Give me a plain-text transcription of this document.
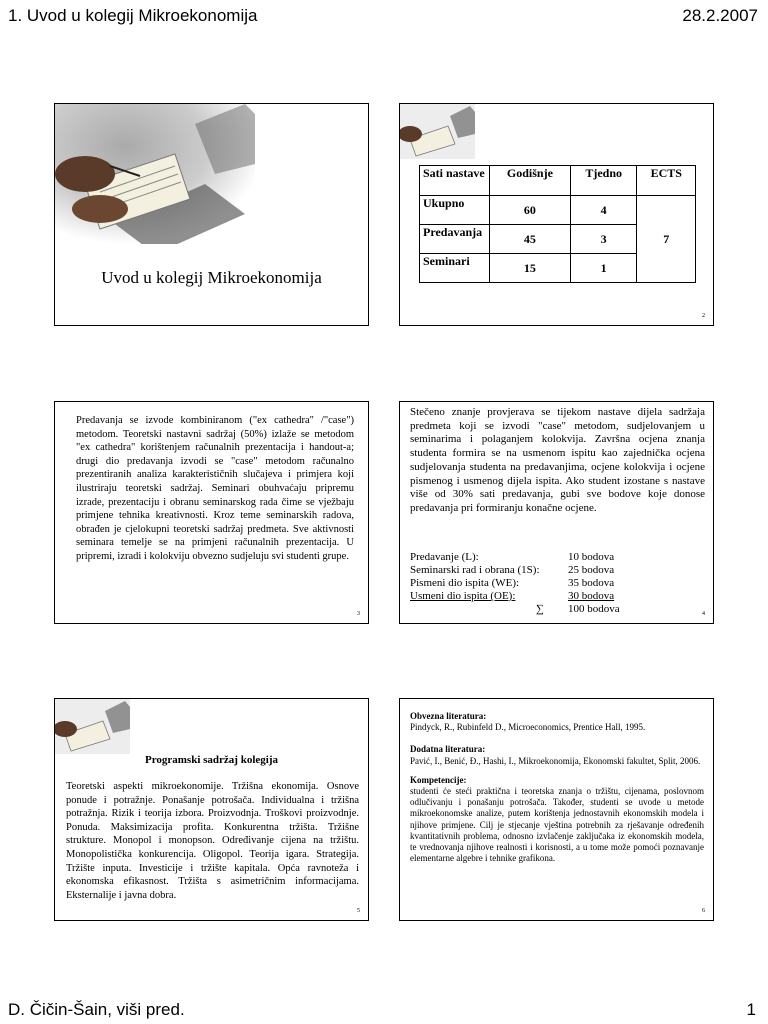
1. Uvod u kolegij Mikroekonomija	28.2.2007
Uvod u kolegij Mikroekonomija
Sati nastave	Godišnje	Tjedno	ECTS
Ukupno	60	4	7
Predavanja	45	3	
Seminari	15	1	
2
Predavanja se izvode kombiniranom ("ex cathedra" /"case") metodom. Teoretski nastavni sadržaj (50%) izlaže se metodom "ex cathedra" korištenjem računalnih prezentacija i handout-a; drugi dio predavanja izvodi se "case" metodom računalno prezentiranih analiza karakterističnih slučajeva i primjera koji ilustriraju teoretski sadržaj. Seminari obuhvaćaju pripremu izrade, prezentaciju i obranu seminarskog rada čime se vježbaju primjene tehnika kreativnosti. Kroz teme seminarskih radova, obrađen je cjelokupni teoretski sadržaj predmeta. Sve aktivnosti seminara temelje se na primjeni računalnih prezentacija. U pripremi, izradi i kolokviju obvezno sudjeluju svi studenti grupe.
3
Stečeno znanje provjerava se tijekom nastave dijela sadržaja predmeta koji se izvodi "case" metodom, sudjelovanjem u seminarima i polaganjem kolokvija. Završna ocjena znanja studenta formira se na usmenom ispitu kao zajednička ocjena sudjelovanja studenta na predavanjima, ocjene kolokvija i ocjene pismenog i usmenog dijela ispita. Ako student izostane s nastave više od 30% sati predavanja, gubi sve bodove koje donose predavanja pri formiranju konačne ocjene.
Predavanje (L):	10 bodova
Seminarski rad i obrana (1S):	25 bodova
Pismeni dio ispita (WE):	35 bodova
Usmeni dio ispita (OE):	30 bodova
∑	100 bodova	4
Programski sadržaj kolegija
Teoretski aspekti mikroekonomije. Tržišna ekonomija. Osnove ponude i potražnje. Ponašanje potrošača. Individualna i tržišna potražnja. Rizik i teorija izbora. Proizvodnja. Troškovi proizvodnje. Ponuda. Maksimizacija profita. Konkurentna tržišta. Tržišne strukture. Monopol i monopson. Određivanje cijena na tržištu. Monopolistička konkurencija. Oligopol. Teorija igara. Strategija. Tržište inputa. Investicije i tržište kapitala. Opća ravnoteža i ekonomska efikasnost. Tržišta s asimetričnim informacijama. Eksternalije i javna dobra.
5
Obvezna literatura:
Pindyck, R., Rubinfeld D., Microeconomics, Prentice Hall, 1995.
Dodatna literatura:
Pavić, I., Benić, Đ., Hashi, I., Mikroekonomija, Ekonomski fakultet, Split, 2006.
Kompetencije:
studenti će steći praktična i teoretska znanja o tržištu, cijenama, poslovnom odlučivanju i ponašanju potrošača. Također, studenti se uvode u metode mikroekonomske analize, putem korištenja jednostavnih ekonomskih modela i njihove primjene. Cilj je stjecanje vještina potrebnih za rješavanje određenih kvantitativnih problema, odnosno izvlačenje zaključaka iz ekonomskih modela, te vrednovanja njihove realnosti i korisnosti, a u tome može pomoći poznavanje elementarne algebre i tehnike grafikona.
6
D. Čičin-Šain, viši pred.	1
